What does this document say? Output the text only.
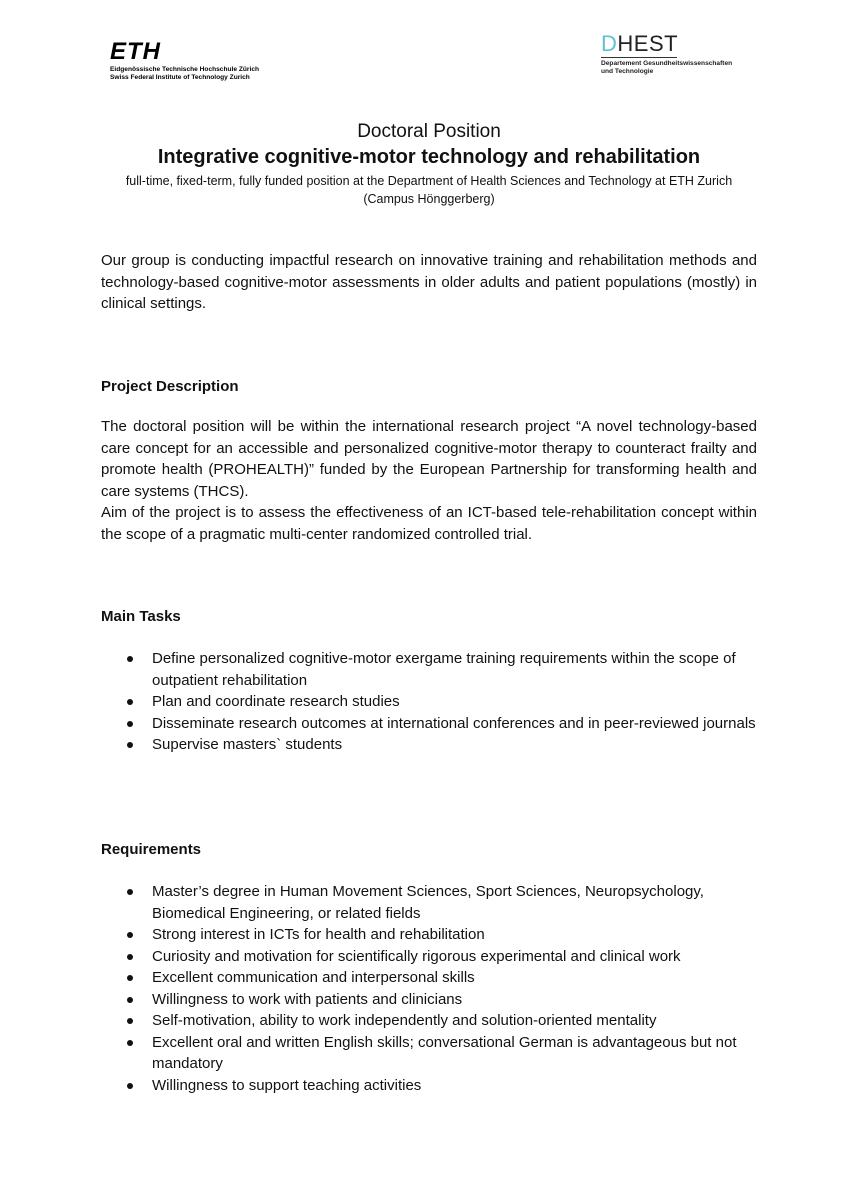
ETH
Eidgenössische Technische Hochschule Zürich
Swiss Federal Institute of Technology Zurich
DHEST
Departement Gesundheitswissenschaften
und Technologie
Doctoral Position
Integrative cognitive-motor technology and rehabilitation
full-time, fixed-term, fully funded position at the Department of Health Sciences and Technology at ETH Zurich
(Campus Hönggerberg)

Our group is conducting impactful research on innovative training and rehabilitation methods and technology-based cognitive-motor assessments in older adults and patient populations (mostly) in clinical settings.

Project Description

The doctoral position will be within the international research project “A novel technology-based care concept for an accessible and personalized cognitive-motor therapy to counteract frailty and promote health (PROHEALTH)” funded by the European Partnership for transforming health and care systems (THCS).

Aim of the project is to assess the effectiveness of an ICT-based tele-rehabilitation concept within the scope of a pragmatic multi-center randomized controlled trial.

Main Tasks
Define personalized cognitive-motor exergame training requirements within the scope of outpatient rehabilitation
Plan and coordinate research studies
Disseminate research outcomes at international conferences and in peer-reviewed journals
Supervise masters` students
Requirements
Master’s degree in Human Movement Sciences, Sport Sciences, Neuropsychology, Biomedical Engineering, or related fields
Strong interest in ICTs for health and rehabilitation
Curiosity and motivation for scientifically rigorous experimental and clinical work
Excellent communication and interpersonal skills
Willingness to work with patients and clinicians
Self-motivation, ability to work independently and solution-oriented mentality
Excellent oral and written English skills; conversational German is advantageous but not mandatory
Willingness to support teaching activities
